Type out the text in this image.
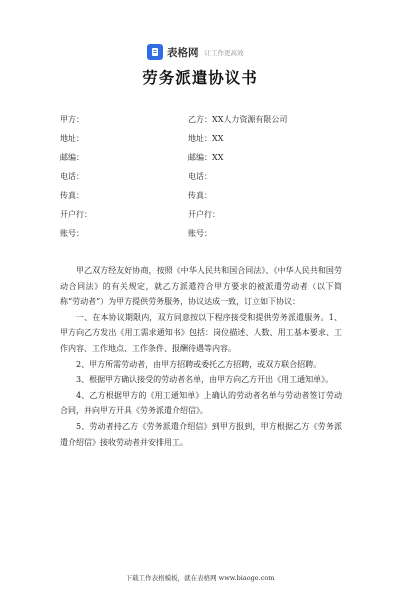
表格网 让工作更高效
劳务派遣协议书
甲方：	乙方：XX人力资源有限公司
地址：	地址：XX
邮编：	邮编：XX
电话：	电话：
传真：	传真：
开户行：	开户行：
账号：	账号：

甲乙双方经友好协商，按照《中华人民共和国合同法》、《中华人民共和国劳动合同法》的有关规定，就乙方派遣符合甲方要求的被派遣劳动者（以下简称“劳动者”）为甲方提供劳务服务，协议达成一致，订立如下协议：

一、在本协议期限内，双方同意按以下程序接受和提供劳务派遣服务。1、甲方向乙方发出《用工需求通知书》包括：岗位描述、人数、用工基本要求、工作内容、工作地点、工作条件、报酬待遇等内容。

2、甲方所需劳动者，由甲方招聘或委托乙方招聘，或双方联合招聘。

3、根据甲方确认接受的劳动者名单，由甲方向乙方开出《用工通知单》。

4、乙方根据甲方的《用工通知单》上确认的劳动者名单与劳动者签订劳动合同，并向甲方开具《劳务派遣介绍信》。

5、劳动者持乙方《劳务派遣介绍信》到甲方报到，甲方根据乙方《劳务派遣介绍信》接收劳动者并安排用工。

下载工作表格模板，就在表格网 www.biaoge.com
